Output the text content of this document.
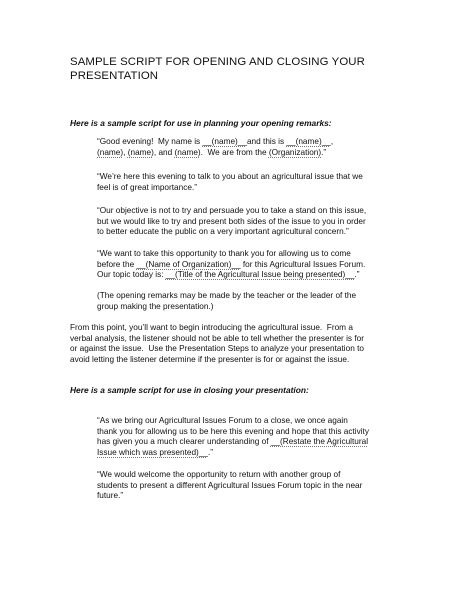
SAMPLE SCRIPT FOR OPENING AND CLOSING YOUR
PRESENTATION
Here is a sample script for use in planning your opening remarks:
“Good evening!  My name is __(name)__and this is __(name)__,
(name), (name), and (name).  We are from the (Organization).”
“We’re here this evening to talk to you about an agricultural issue that we
feel is of great importance.”
“Our objective is not to try and persuade you to take a stand on this issue,
but we would like to try and present both sides of the issue to you in order
to better educate the public on a very important agricultural concern.”
“We want to take this opportunity to thank you for allowing us to come
before the __(Name of Organization)__ for this Agricultural Issues Forum.
Our topic today is: __(Title of the Agricultural Issue being presented)__.”
(The opening remarks may be made by the teacher or the leader of the
group making the presentation.)
From this point, you’ll want to begin introducing the agricultural issue.  From a
verbal analysis, the listener should not be able to tell whether the presenter is for
or against the issue.  Use the Presentation Steps to analyze your presentation to
avoid letting the listener determine if the presenter is for or against the issue.
Here is a sample script for use in closing your presentation:
“As we bring our Agricultural Issues Forum to a close, we once again
thank you for allowing us to be here this evening and hope that this activity
has given you a much clearer understanding of __(Restate the Agricultural
Issue which was presented)__.”
“We would welcome the opportunity to return with another group of
students to present a different Agricultural Issues Forum topic in the near
future.”
